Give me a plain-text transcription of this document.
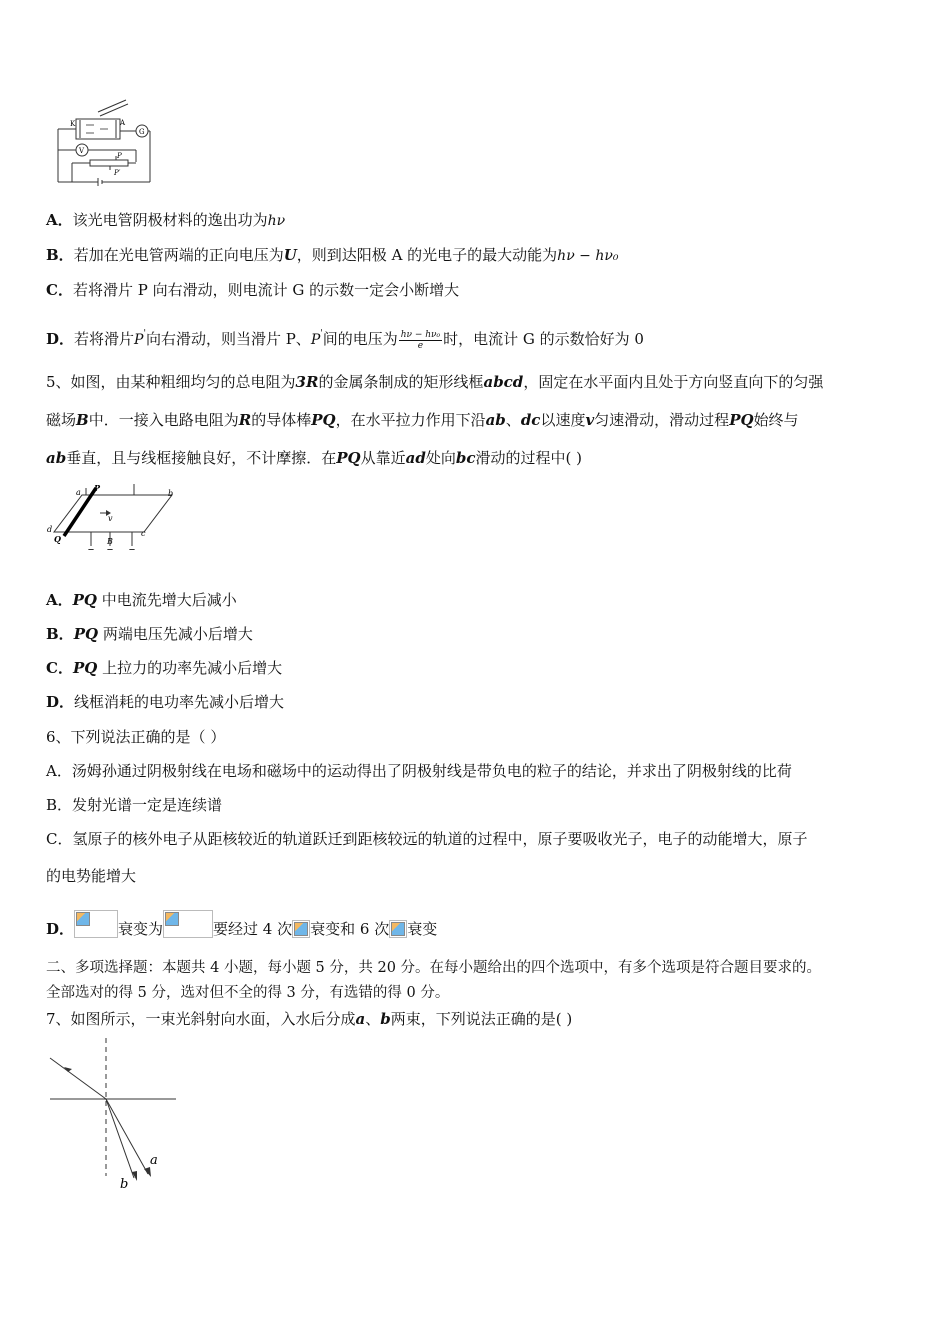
K	A
G
V
P
P′
A．该光电管阴极材料的逸出功为hν
B．若加在光电管两端的正向电压为U，则到达阳极 A 的光电子的最大动能为hν − hν₀
C．若将滑片 P 向右滑动，则电流计 G 的示数一定会小断增大
D．若将滑片P'向右滑动，则当滑片 P、P'间的电压为 $\frac{\text{hν − hν₀}}{e}$ 时，电流计 G 的示数恰好为 0
5、如图，由某种粗细均匀的总电阻为3R的金属条制成的矩形线框abcd，固定在水平面内且处于方向竖直向下的匀强
磁场B中．一接入电路电阻为R的导体棒PQ，在水平拉力作用下沿ab、dc以速度v匀速滑动，滑动过程PQ始终与
ab垂直，且与线框接触良好，不计摩擦．在PQ从靠近ad处向bc滑动的过程中( )
a P
b
d
Q
c
v
B
A．PQ 中电流先增大后减小
B．PQ 两端电压先减小后增大
C．PQ 上拉力的功率先减小后增大
D．线框消耗的电功率先减小后增大
6、下列说法正确的是（ ）
A．汤姆孙通过阴极射线在电场和磁场中的运动得出了阴极射线是带负电的粒子的结论，并求出了阴极射线的比荷
B．发射光谱一定是连续谱
C．氢原子的核外电子从距核较近的轨道跃迁到距核较远的轨道的过程中，原子要吸收光子，电子的动能增大，原子
的电势能增大
D．	衰变为	要经过 4 次 衰变和 6 次 衰变
二、多项选择题：本题共 4 小题，每小题 5 分，共 20 分。在每小题给出的四个选项中，有多个选项是符合题目要求的。
全部选对的得 5 分，选对但不全的得 3 分，有选错的得 0 分。
7、如图所示，一束光斜射向水面，入水后分成a、b两束，下列说法正确的是( )
a
b
